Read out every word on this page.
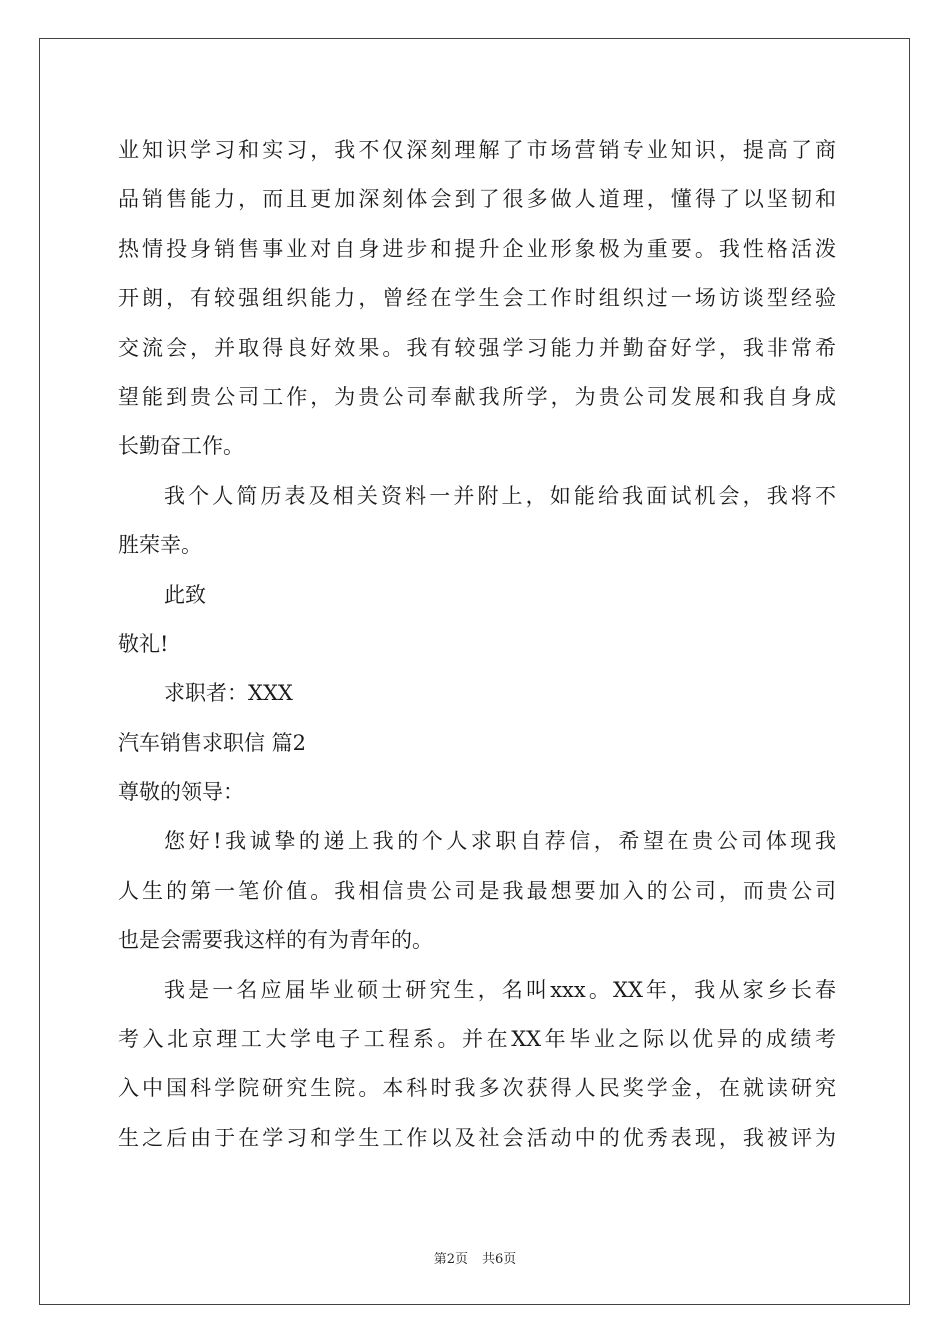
业知识学习和实习，我不仅深刻理解了市场营销专业知识，提高了商
品销售能力，而且更加深刻体会到了很多做人道理，懂得了以坚韧和
热情投身销售事业对自身进步和提升企业形象极为重要。我性格活泼
开朗，有较强组织能力，曾经在学生会工作时组织过一场访谈型经验
交流会，并取得良好效果。我有较强学习能力并勤奋好学，我非常希
望能到贵公司工作，为贵公司奉献我所学，为贵公司发展和我自身成
长勤奋工作。
我个人简历表及相关资料一并附上，如能给我面试机会，我将不
胜荣幸。
此致
敬礼!
求职者：XXX
汽车销售求职信 篇2
尊敬的领导：
您好!我诚挚的递上我的个人求职自荐信，希望在贵公司体现我
人生的第一笔价值。我相信贵公司是我最想要加入的公司，而贵公司
也是会需要我这样的有为青年的。
我是一名应届毕业硕士研究生，名叫xxx。XX年，我从家乡长春
考入北京理工大学电子工程系。并在XX年毕业之际以优异的成绩考
入中国科学院研究生院。本科时我多次获得人民奖学金，在就读研究
生之后由于在学习和学生工作以及社会活动中的优秀表现，我被评为
第2页 共6页
